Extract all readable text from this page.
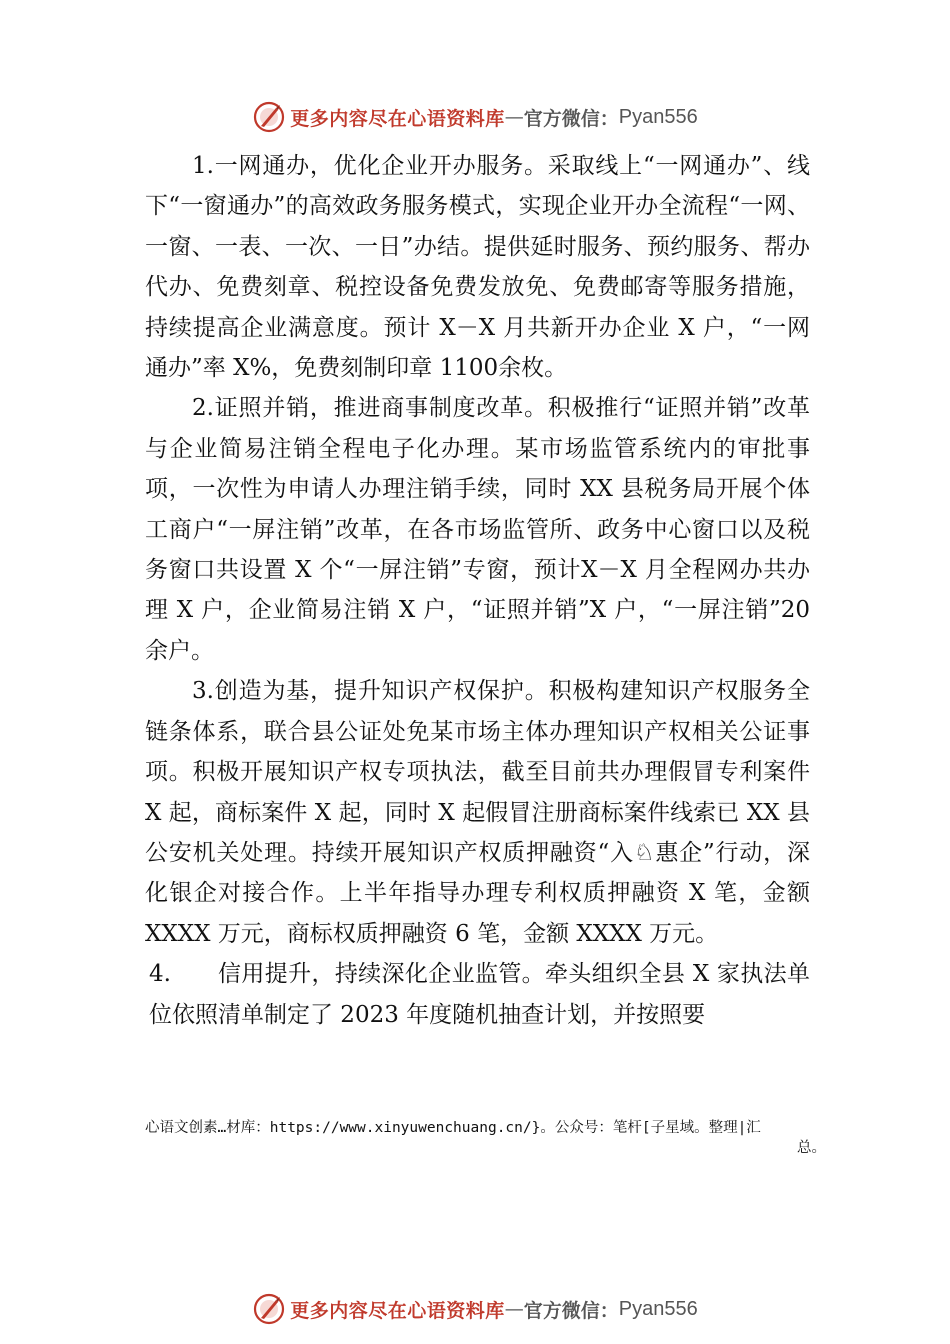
更多内容尽在心语资料库 — 官方微信： Pyan556

1.一网通办，优化企业开办服务。采取线上“一网通办”、线下“一窗通办”的高效政务服务模式，实现企业开办全流程“一网、一窗、一表、一次、一日”办结。提供延时服务、预约服务、帮办代办、免费刻章、税控设备免费发放免、免费邮寄等服务措施，持续提高企业满意度。预计 X－X 月共新开办企业 X 户，“一网通办”率 X%，免费刻制印章 1100余枚。

2.证照并销，推进商事制度改革。积极推行“证照并销”改革与企业简易注销全程电子化办理。某市场监管系统内的审批事项，一次性为申请人办理注销手续，同时 XX 县税务局开展个体工商户“一屏注销”改革，在各市场监管所、政务中心窗口以及税务窗口共设置 X 个“一屏注销”专窗，预计X－X 月全程网办共办理 X 户，企业简易注销 X 户，“证照并销”X 户，“一屏注销”20 余户。

3.创造为基，提升知识产权保护。积极构建知识产权服务全链条体系，联合县公证处免某市场主体办理知识产权相关公证事项。积极开展知识产权专项执法，截至目前共办理假冒专利案件 X 起，商标案件 X 起，同时 X 起假冒注册商标案件线索已 XX 县公安机关处理。持续开展知识产权质押融资“入♘惠企”行动，深化银企对接合作。上半年指导办理专利权质押融资 X 笔，金额 XXXX 万元，商标权质押融资 6 笔，金额 XXXX 万元。

4.　　信用提升，持续深化企业监管。牵头组织全县 X 家执法单位依照清单制定了 2023 年度随机抽查计划，并按照要

心语文创素…材库：https://www.xinyuwenchuang.cn/}。公众号：笔杆[子星域。整理|汇
总。
更多内容尽在心语资料库 — 官方微信： Pyan556
